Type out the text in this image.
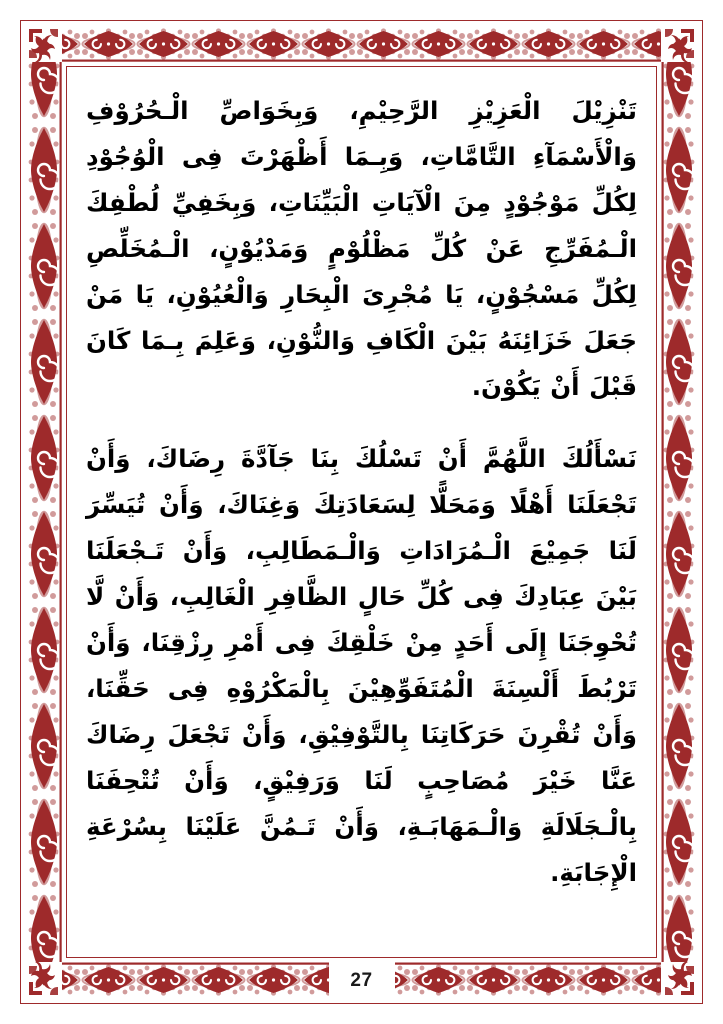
تَنْزِيْلَ الْعَزِيْزِ الرَّحِيْمِ، وَبِخَوَاصِّ الْـحُرُوْفِ وَالْأَسْمَآءِ التَّامَّاتِ، وَبِـمَا أَظْهَرْتَ فِى الْوُجُوْدِ لِكُلِّ مَوْجُوْدٍ مِنَ الْآيَاتِ الْبَيِّنَاتِ، وَبِخَفِيِّ لُطْفِكَ الْـمُفَرِّجِ عَنْ كُلِّ مَظْلُوْمٍ وَمَدْيُوْنٍ، الْـمُخَلِّصِ لِكُلِّ مَسْجُوْنٍ، يَا مُجْرِىَ الْبِحَارِ وَالْعُيُوْنِ، يَا مَنْ جَعَلَ خَزَائِنَهُ بَيْنَ الْكَافِ وَالنُّوْنِ، وَعَلِمَ بِـمَا كَانَ قَبْلَ أَنْ يَكُوْنَ.

نَسْأَلُكَ اللَّهُمَّ أَنْ تَسْلُكَ بِنَا جَآدَّةَ رِضَاكَ، وَأَنْ تَجْعَلَنَا أَهْلًا وَمَحَلًّا لِسَعَادَتِكَ وَغِنَاكَ، وَأَنْ تُيَسِّرَ لَنَا جَمِيْعَ الْـمُرَادَاتِ وَالْـمَطَالِبِ، وَأَنْ تَـجْعَلَنَا بَيْنَ عِبَادِكَ فِى كُلِّ حَالٍ الظَّافِرِ الْغَالِبِ، وَأَنْ لَّا تُحْوِجَنَا إِلَى أَحَدٍ مِنْ خَلْقِكَ فِى أَمْرِ رِزْقِنَا، وَأَنْ تَرْبُطَ أَلْسِنَةَ الْمُتَفَوِّهِيْنَ بِالْمَكْرُوْهِ فِى حَقِّنَا، وَأَنْ تُقْرِنَ حَرَكَاتِنَا بِالتَّوْفِيْقِ، وَأَنْ تَجْعَلَ رِضَاكَ عَنَّا خَيْرَ مُصَاحِبٍ لَنَا وَرَفِيْقٍ، وَأَنْ تُتْحِفَنَا بِالْـجَلَالَةِ وَالْـمَهَابَـةِ، وَأَنْ تَـمُنَّ عَلَيْنَا بِسُرْعَةِ الْإِجَابَةِ.

27
